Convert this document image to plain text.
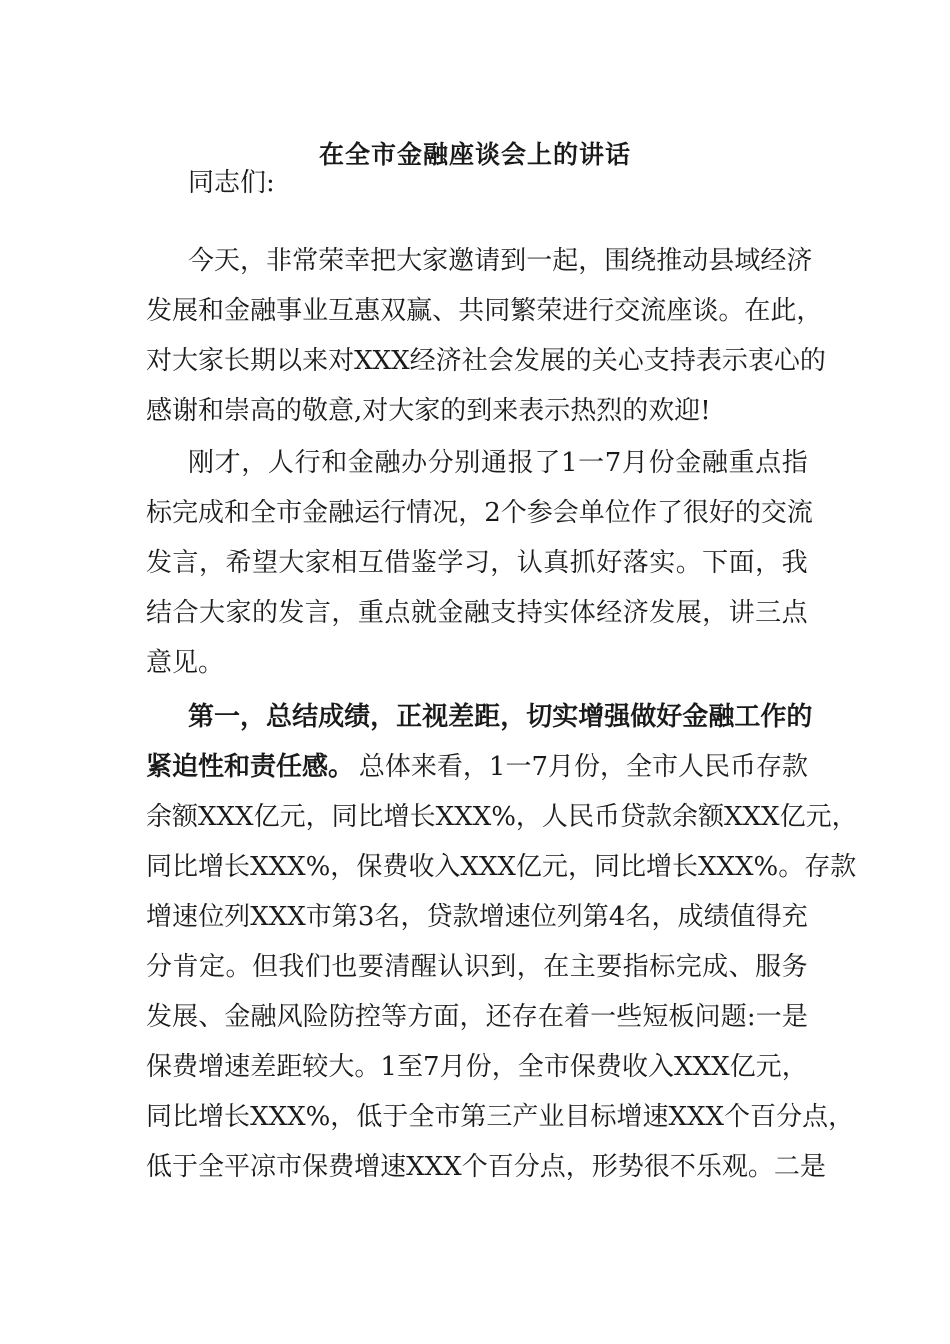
在全市金融座谈会上的讲话
同志们:
今 天 ， 非 常 荣 幸 把 大 家 邀 请 到 一 起 ， 围 绕 推 动 县 域 经 济
发 展 和 金 融 事 业 互 惠 双 赢 、 共 同 繁 荣 进 行 交 流 座 谈 。 在 此 ，
对 大 家 长 期 以 来 对 XXX 经 济 社 会 发 展 的 关 心 支 持 表 示 衷 心 的
感谢和崇高的敬意,对大家的到来表示热烈的欢迎!
刚 才 ， 人 行 和 金 融 办 分 别 通 报 了 1 一 7 月 份 金 融 重 点 指
标 完 成 和 全 市 金 融 运 行 情 况 ， 2 个 参 会 单 位 作 了 很 好 的 交 流
发 言 ， 希 望 大 家 相 互 借 鉴 学 习 ， 认 真 抓 好 落 实 。 下 面 ， 我
结 合 大 家 的 发 言 ， 重 点 就 金 融 支 持 实 体 经 济 发 展 ， 讲 三 点
意见。
第 一 ， 总 结 成 绩 ， 正 视 差 距 ， 切 实 增 强 做 好 金 融 工 作 的
紧迫性和责任感。 总体来看，1一7月份，全市人民币存款
余 额 XXX 亿 元 ， 同 比 增 长 XXX% ， 人 民 币 贷 款 余 额 XXX 亿 元 ，
同 比 增 长 XXX% ， 保 费 收 入 XXX 亿 元 ， 同 比 增 长 XXX% 。 存 款
增 速 位 列 XXX 市 第 3 名 ， 贷 款 增 速 位 列 第 4 名 ， 成 绩 值 得 充
分 肯 定 。 但 我 们 也 要 清 醒 认 识 到 ， 在 主 要 指 标 完 成 、 服 务
发 展 、 金 融 风 险 防 控 等 方 面 ， 还 存 在 着 一 些 短 板 问 题 : 一 是
保 费 增 速 差 距 较 大 。 1 至 7 月 份 ， 全 市 保 费 收 入 XXX 亿 元 ，
同 比 增 长 XXX% ， 低 于 全 市 第 三 产 业 目 标 增 速 XXX 个 百 分 点 ，
低 于 全 平 凉 市 保 费 增 速 XXX 个 百 分 点 ， 形 势 很 不 乐 观 。 二 是
